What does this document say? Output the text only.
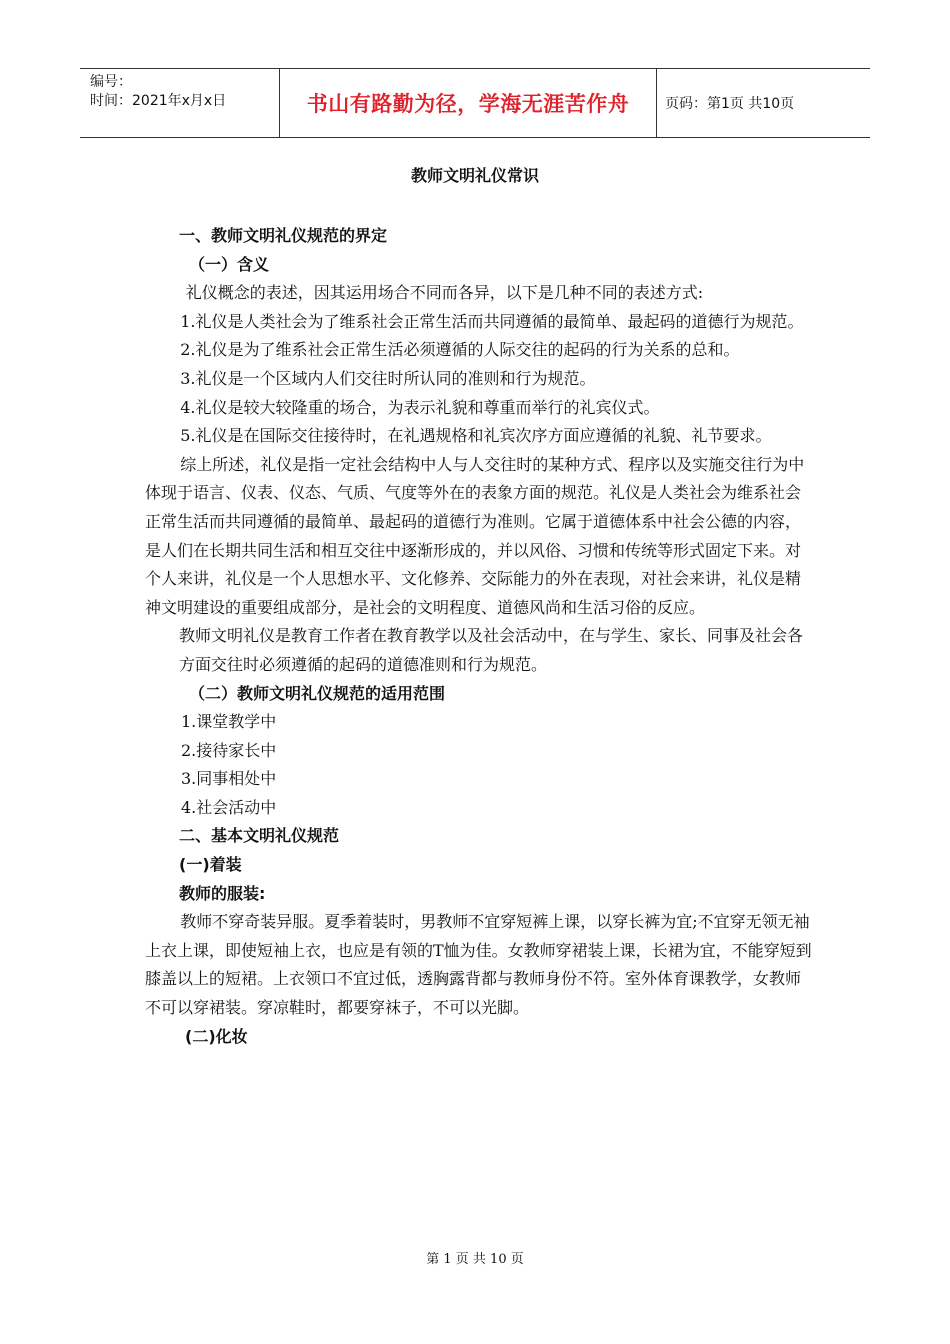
编号：
时间：2021年x月x日	书山有路勤为径，学海无涯苦作舟	页码：第1页 共10页
教师文明礼仪常识

一、教师文明礼仪规范的界定

（一）含义

礼仪概念的表述，因其运用场合不同而各异，以下是几种不同的表述方式:

1.礼仪是人类社会为了维系社会正常生活而共同遵循的最简单、最起码的道德行为规范。

2.礼仪是为了维系社会正常生活必须遵循的人际交往的起码的行为关系的总和。

3.礼仪是一个区域内人们交往时所认同的准则和行为规范。

4.礼仪是较大较隆重的场合，为表示礼貌和尊重而举行的礼宾仪式。

5.礼仪是在国际交往接待时，在礼遇规格和礼宾次序方面应遵循的礼貌、礼节要求。

综上所述，礼仪是指一定社会结构中人与人交往时的某种方式、程序以及实施交往行为中体现于语言、仪表、仪态、气质、气度等外在的表象方面的规范。礼仪是人类社会为维系社会正常生活而共同遵循的最简单、最起码的道德行为准则。它属于道德体系中社会公德的内容，是人们在长期共同生活和相互交往中逐渐形成的，并以风俗、习惯和传统等形式固定下来。对个人来讲，礼仪是一个人思想水平、文化修养、交际能力的外在表现，对社会来讲，礼仪是精神文明建设的重要组成部分，是社会的文明程度、道德风尚和生活习俗的反应。

教师文明礼仪是教育工作者在教育教学以及社会活动中，在与学生、家长、同事及社会各方面交往时必须遵循的起码的道德准则和行为规范。

（二）教师文明礼仪规范的适用范围

1.课堂教学中

2.接待家长中

3.同事相处中

4.社会活动中

二、基本文明礼仪规范

(一)着装

教师的服装:

教师不穿奇装异服。夏季着装时，男教师不宜穿短裤上课，以穿长裤为宜;不宜穿无领无袖上衣上课，即使短袖上衣，也应是有领的T恤为佳。女教师穿裙装上课，长裙为宜，不能穿短到膝盖以上的短裙。上衣领口不宜过低，透胸露背都与教师身份不符。室外体育课教学，女教师不可以穿裙装。穿凉鞋时，都要穿袜子，不可以光脚。

(二)化妆

第 1 页 共 10 页
